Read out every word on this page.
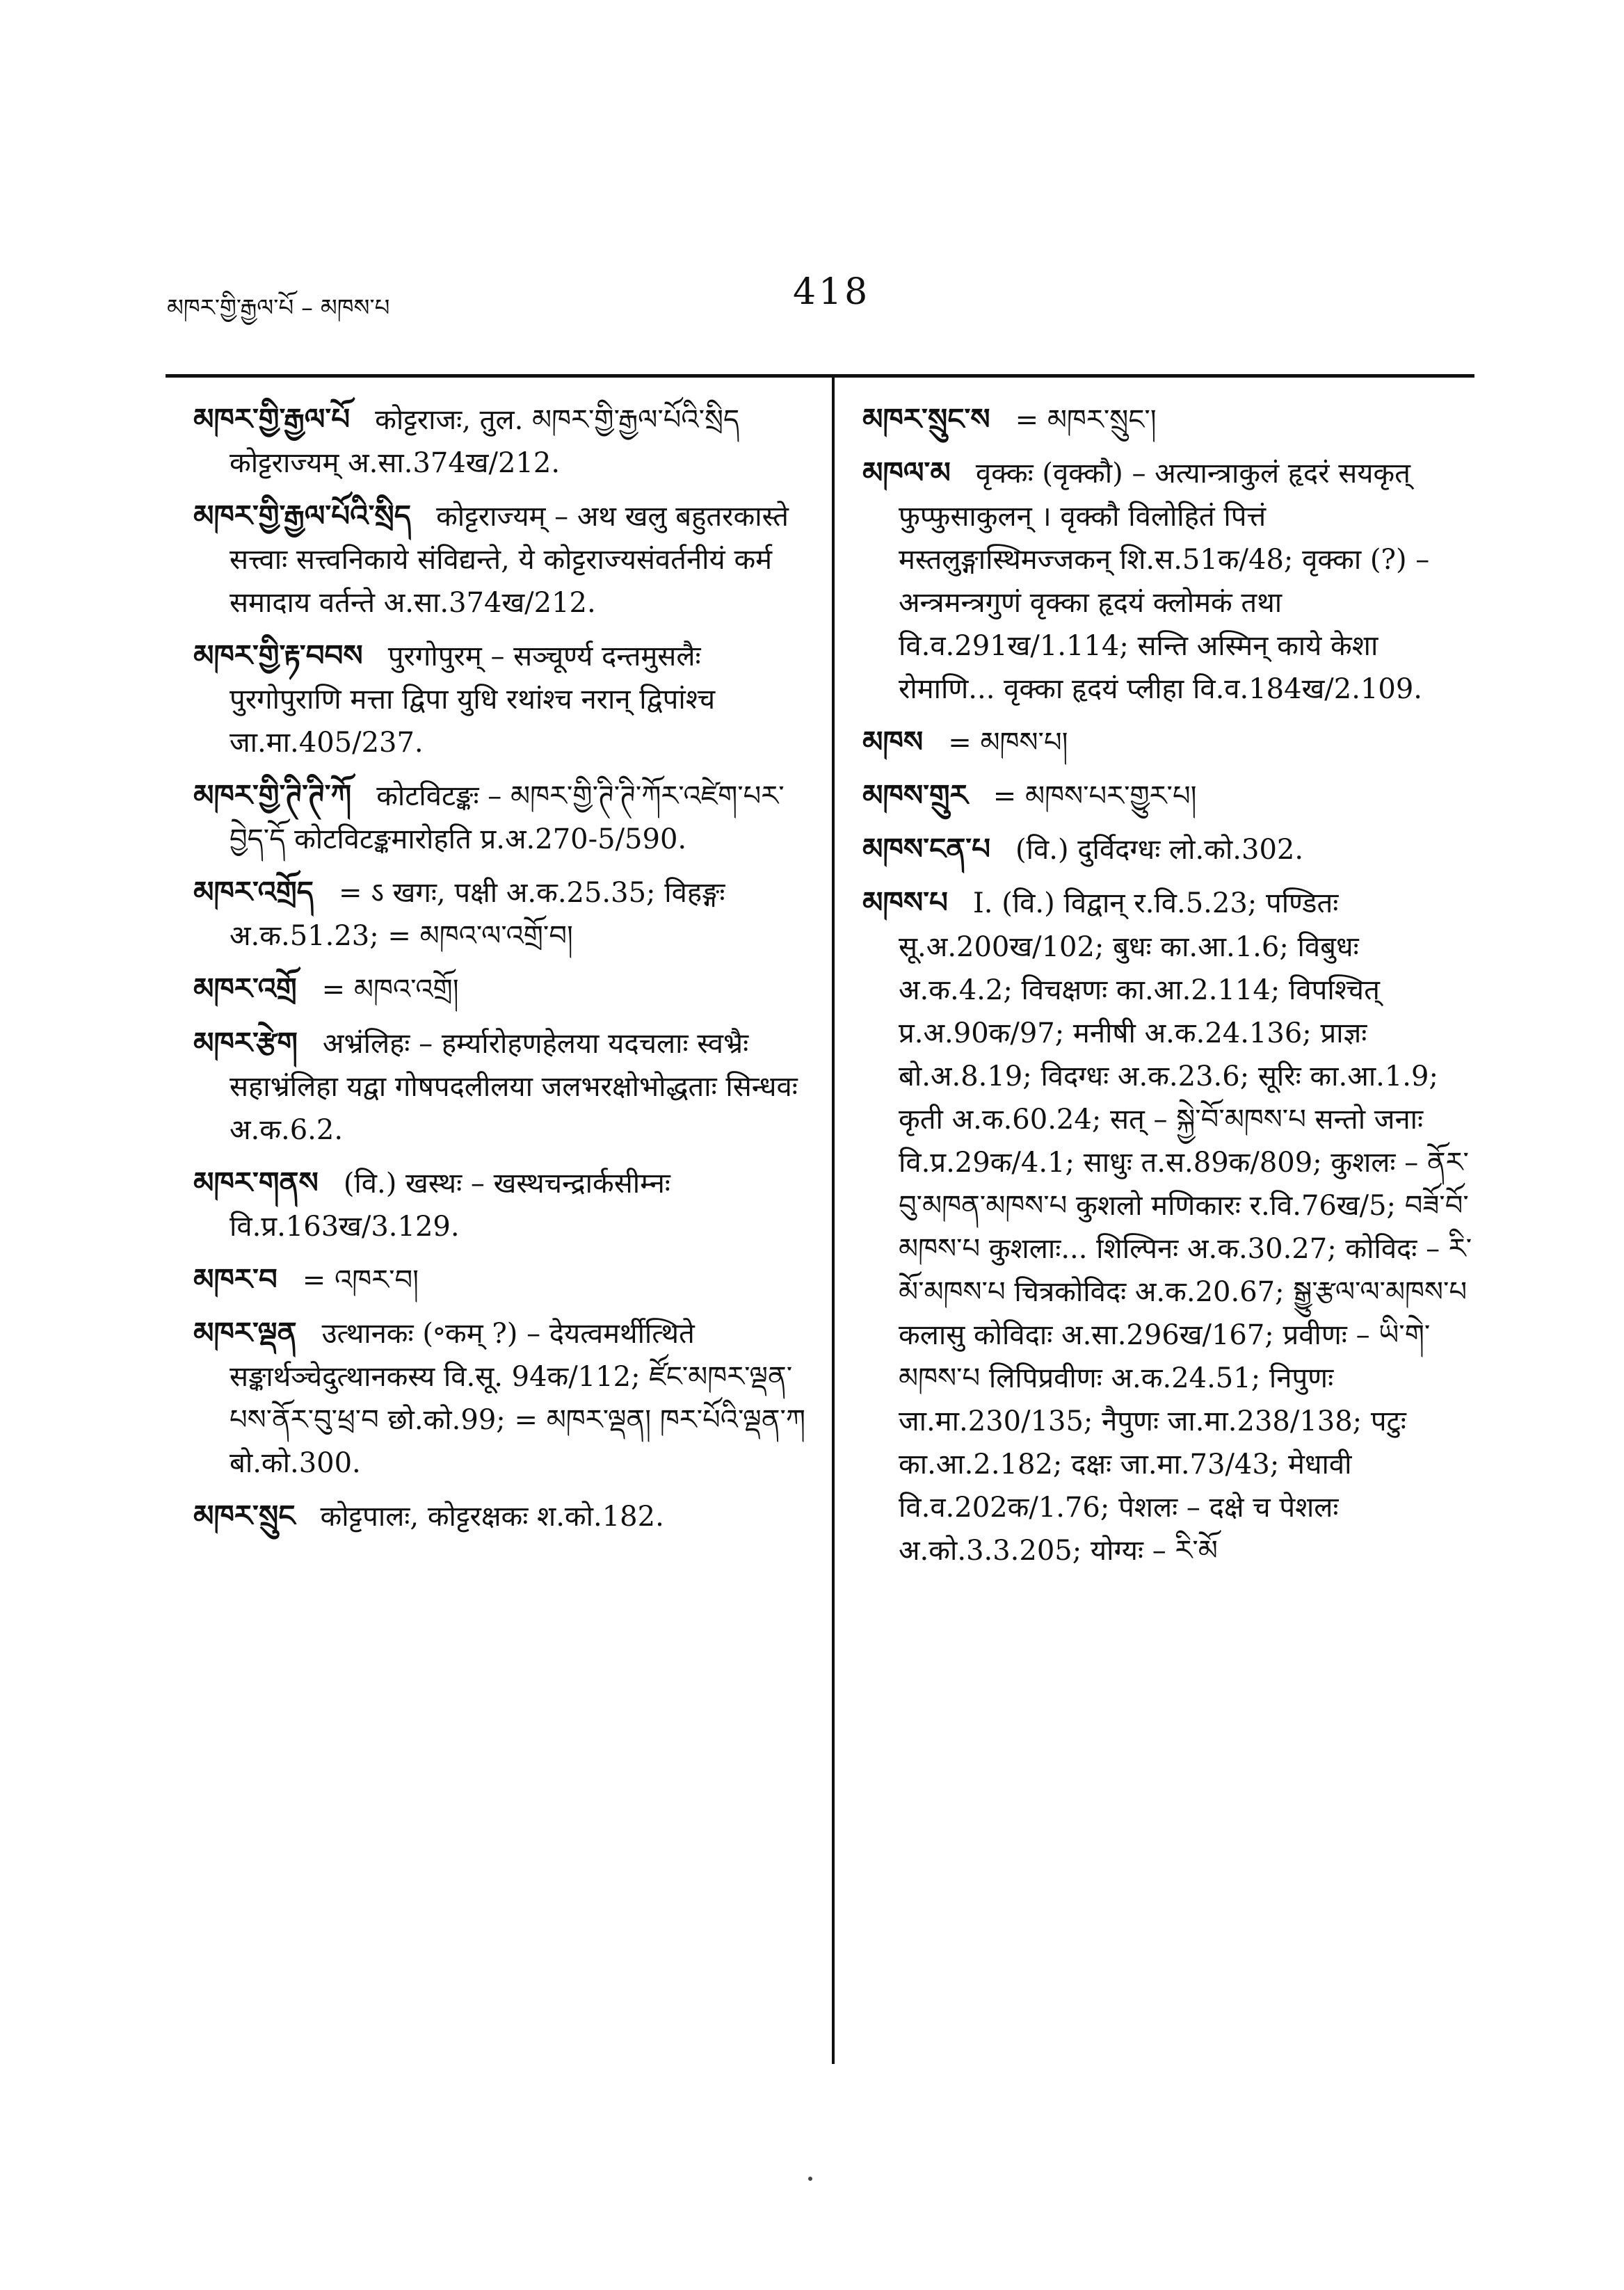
མཁར་གྱི་རྒྱལ་པོ – མཁས་པ	418

མཁར་གྱི་རྒྱལ་པོ कोट्टराजः, तुल. མཁར་གྱི་རྒྱལ་པོའི་སྲིད कोट्टराज्यम् अ.सा.374ख/212.

མཁར་གྱི་རྒྱལ་པོའི་སྲིད कोट्टराज्यम् – अथ खलु बहुतरकास्ते सत्त्वाः सत्त्वनिकाये संविद्यन्ते, ये कोट्टराज्यसंवर्तनीयं कर्म समादाय वर्तन्ते अ.सा.374ख/212.

མཁར་གྱི་རྟ་བབས पुरगोपुरम् – सञ्चूर्ण्य दन्तमुसलैः पुरगोपुराणि मत्ता द्विपा युधि रथांश्च नरान् द्विपांश्च जा.मा.405/237.

མཁར་གྱི་ཊི་ཊི་ཀོ कोटविटङ्कः – མཁར་གྱི་ཊི་ཊི་ཀོར་འཛེག་པར་བྱེད་དོ कोटविटङ्कमारोहति प्र.अ.270-5/590.

མཁར་འགྲོད = ऽ खगः, पक्षी अ.क.25.35; विहङ्गः अ.क.51.23; = མཁའ་ལ་འགྲོ་བ།

མཁར་འགྲོ = མཁའ་འགྲོ།

མཁར་རྩེག अभ्रंलिहः – हर्म्यारोहणहेलया यदचलाः स्वभ्रैः सहाभ्रंलिहा यद्वा गोषपदलीलया जलभरक्षोभोद्धताः सिन्धवः अ.क.6.2.

མཁར་གནས (वि.) खस्थः – खस्थचन्द्रार्कसीम्नः वि.प्र.163ख/3.129.

མཁར་བ = འཁར་བ།

མཁར་ལྡན उत्थानकः (॰कम् ?) – देयत्वमर्थीत्थिते सङ्कार्थञ्चेदुत्थानकस्य वि.सू. 94क/112; ཛོང་མཁར་ལྡན་པས་ནོར་བུ་ཕྲ་བ छो.को.99; = མཁར་ལྡན། ཁར་པོའི་ལྡན་ཀ बो.को.300.

མཁར་སྲུང कोट्टपालः, कोट्टरक्षकः श.को.182.

མཁར་སྲུང་ས = མཁར་སྲུང་།

མཁལ་མ वृक्कः (वृक्कौ) – अत्यान्त्राकुलं हृदरं सयकृत् फुप्फुसाकुलन् । वृक्कौ विलोहितं पित्तं मस्तलुङ्गास्थिमज्जकन् शि.स.51क/48; वृक्का (?) – अन्त्रमन्त्रगुणं वृक्का हृदयं क्लोमकं तथा वि.व.291ख/1.114; सन्ति अस्मिन् काये केशा रोमाणि... वृक्का हृदयं प्लीहा वि.व.184ख/2.109.

མཁས = མཁས་པ།

མཁས་གྲུར = མཁས་པར་གྱུར་པ།

མཁས་ངན་པ (वि.) दुर्विदग्धः लो.को.302.

མཁས་པ I. (वि.) विद्वान् र.वि.5.23; पण्डितः सू.अ.200ख/102; बुधः का.आ.1.6; विबुधः अ.क.4.2; विचक्षणः का.आ.2.114; विपश्चित् प्र.अ.90क/97; मनीषी अ.क.24.136; प्राज्ञः बो.अ.8.19; विदग्धः अ.क.23.6; सूरिः का.आ.1.9; कृती अ.क.60.24; सत् – སྐྱེ་བོ་མཁས་པ सन्तो जनाः वि.प्र.29क/4.1; साधुः त.स.89क/809; कुशलः – ནོར་བུ་མཁན་མཁས་པ कुशलो मणिकारः र.वि.76ख/5; བཟོ་བོ་མཁས་པ कुशलाः... शिल्पिनः अ.क.30.27; कोविदः – རི་མོ་མཁས་པ चित्रकोविदः अ.क.20.67; སྒྱུ་རྩལ་ལ་མཁས་པ कलासु कोविदाः अ.सा.296ख/167; प्रवीणः – ཡི་གེ་མཁས་པ लिपिप्रवीणः अ.क.24.51; निपुणः जा.मा.230/135; नैपुणः जा.मा.238/138; पटुः का.आ.2.182; दक्षः जा.मा.73/43; मेधावी वि.व.202क/1.76; पेशलः – दक्षे च पेशलः अ.को.3.3.205; योग्यः – རི་མོ
